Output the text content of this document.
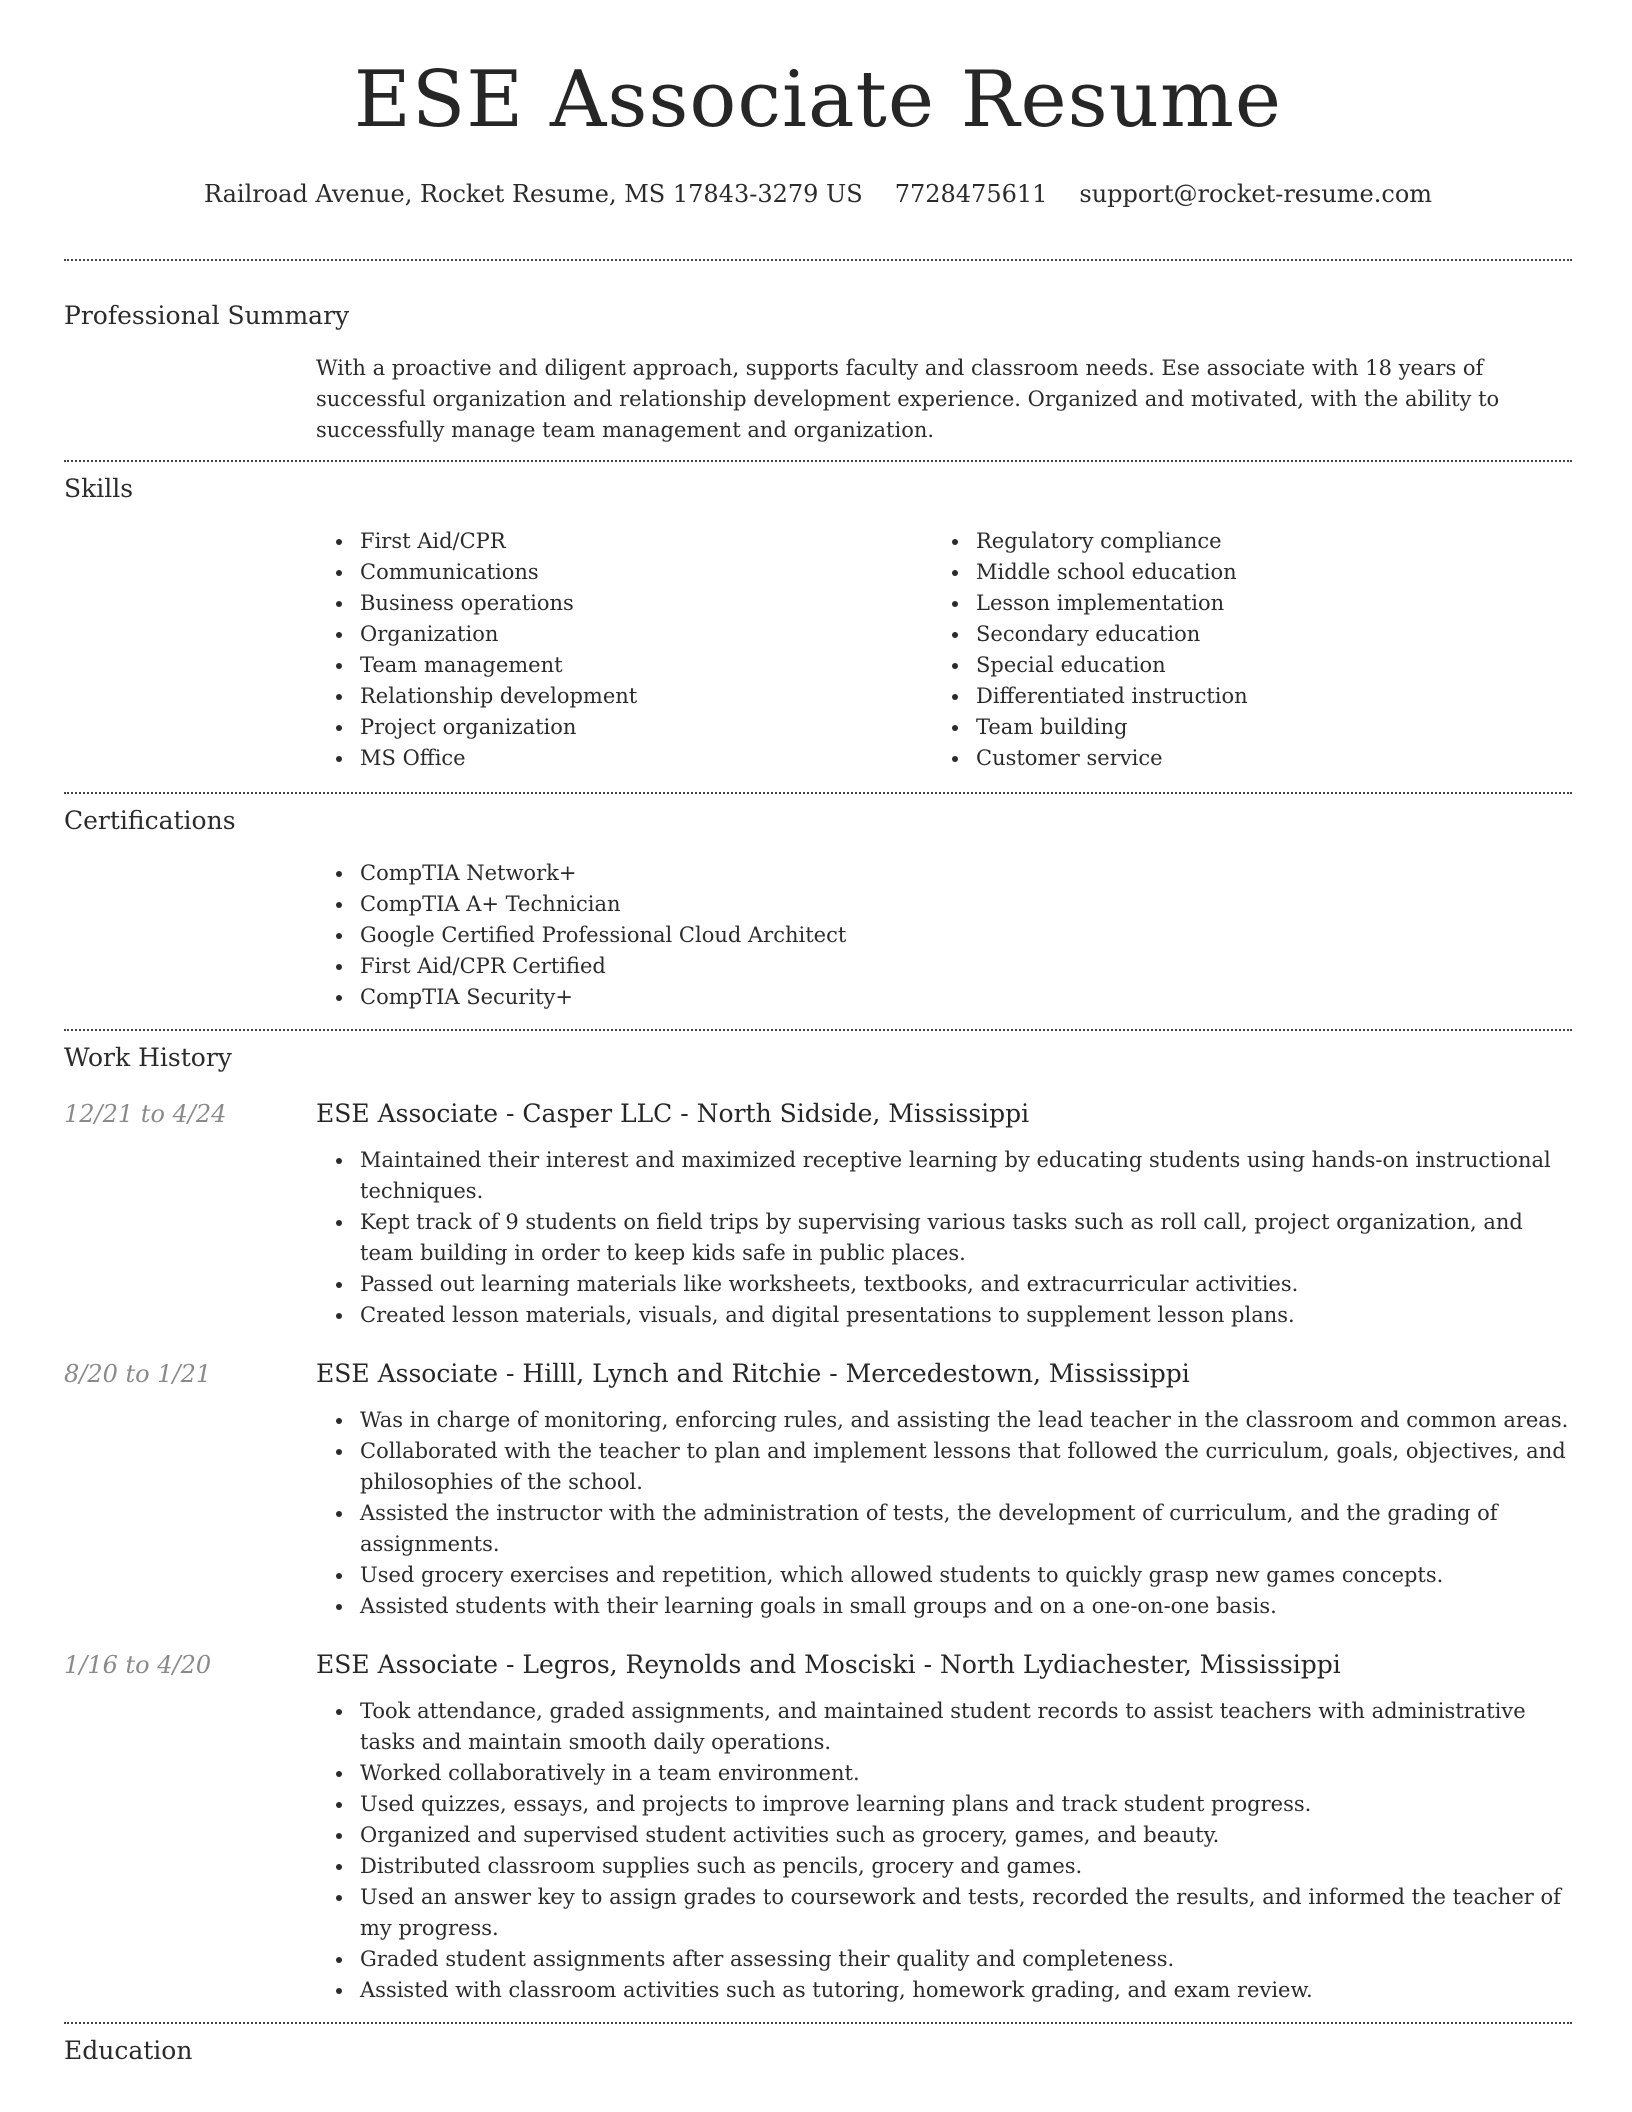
ESE Associate Resume
Railroad Avenue, Rocket Resume, MS 17843-3279 US 7728475611 support@rocket-resume.com
Professional Summary

With a proactive and diligent approach, supports faculty and classroom needs. Ese associate with 18 years of successful organization and relationship development experience. Organized and motivated, with the ability to successfully manage team management and organization.

Skills
First Aid/CPR
Communications
Business operations
Organization
Team management
Relationship development
Project organization
MS Office
Regulatory compliance
Middle school education
Lesson implementation
Secondary education
Special education
Differentiated instruction
Team building
Customer service
Certifications
CompTIA Network+
CompTIA A+ Technician
Google Certified Professional Cloud Architect
First Aid/CPR Certified
CompTIA Security+
Work History
12/21 to 4/24	ESE Associate - Casper LLC - North Sidside, Mississippi
Maintained their interest and maximized receptive learning by educating students using hands-on instructional techniques.
Kept track of 9 students on field trips by supervising various tasks such as roll call, project organization, and team building in order to keep kids safe in public places.
Passed out learning materials like worksheets, textbooks, and extracurricular activities.
Created lesson materials, visuals, and digital presentations to supplement lesson plans.
8/20 to 1/21	ESE Associate - Hilll, Lynch and Ritchie - Mercedestown, Mississippi
Was in charge of monitoring, enforcing rules, and assisting the lead teacher in the classroom and common areas.
Collaborated with the teacher to plan and implement lessons that followed the curriculum, goals, objectives, and philosophies of the school.
Assisted the instructor with the administration of tests, the development of curriculum, and the grading of assignments.
Used grocery exercises and repetition, which allowed students to quickly grasp new games concepts.
Assisted students with their learning goals in small groups and on a one-on-one basis.
1/16 to 4/20	ESE Associate - Legros, Reynolds and Mosciski - North Lydiachester, Mississippi
Took attendance, graded assignments, and maintained student records to assist teachers with administrative tasks and maintain smooth daily operations.
Worked collaboratively in a team environment.
Used quizzes, essays, and projects to improve learning plans and track student progress.
Organized and supervised student activities such as grocery, games, and beauty.
Distributed classroom supplies such as pencils, grocery and games.
Used an answer key to assign grades to coursework and tests, recorded the results, and informed the teacher of my progress.
Graded student assignments after assessing their quality and completeness.
Assisted with classroom activities such as tutoring, homework grading, and exam review.
Education
